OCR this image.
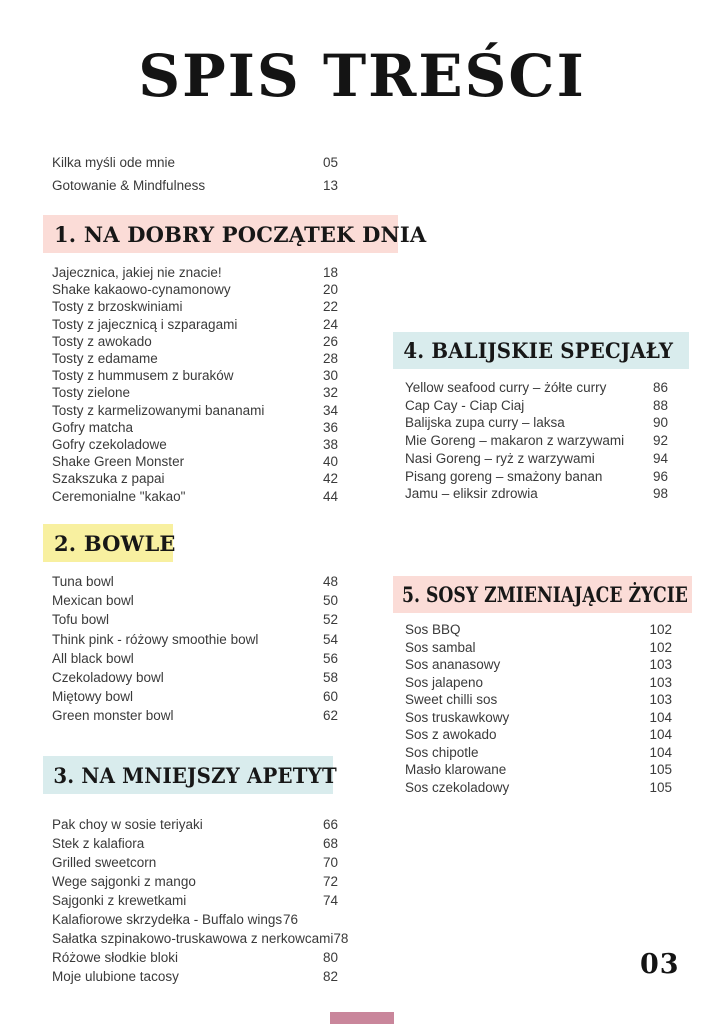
SPIS TREŚCI
Kilka myśli ode mnie	05
Gotowanie & Mindfulness	13
1. NA DOBRY POCZĄTEK DNIA
Jajecznica, jakiej nie znacie!	18
Shake kakaowo-cynamonowy	20
Tosty z brzoskwiniami	22
Tosty z jajecznicą i szparagami	24
Tosty z awokado	26
Tosty z edamame	28
Tosty z hummusem z buraków	30
Tosty zielone	32
Tosty z karmelizowanymi bananami	34
Gofry matcha	36
Gofry czekoladowe	38
Shake Green Monster	40
Szakszuka z papai	42
Ceremonialne "kakao"	44
2. BOWLE
Tuna bowl	48
Mexican bowl	50
Tofu bowl	52
Think pink - różowy smoothie bowl	54
All black bowl	56
Czekoladowy bowl	58
Miętowy bowl	60
Green monster bowl	62
3. NA MNIEJSZY APETYT
Pak choy w sosie teriyaki	66
Stek z kalafiora	68
Grilled sweetcorn	70
Wege sajgonki z mango	72
Sajgonki z krewetkami	74
Kalafiorowe skrzydełka - Buffalo wings 76
Sałatka szpinakowo-truskawowa z nerkowcami 78
Różowe słodkie bloki	80
Moje ulubione tacosy	82
4. BALIJSKIE SPECJAŁY
Yellow seafood curry – żółte curry	86
Cap Cay - Ciap Ciaj	88
Balijska zupa curry – laksa	90
Mie Goreng – makaron z warzywami 92
Nasi Goreng – ryż z warzywami	94
Pisang goreng – smażony banan	96
Jamu – eliksir zdrowia	98
5. SOSY ZMIENIAJĄCE ŻYCIE
Sos BBQ	102
Sos sambal	102
Sos ananasowy	103
Sos jalapeno	103
Sweet chilli sos	103
Sos truskawkowy	104
Sos z awokado	104
Sos chipotle	104
Masło klarowane	105
Sos czekoladowy	105
03
